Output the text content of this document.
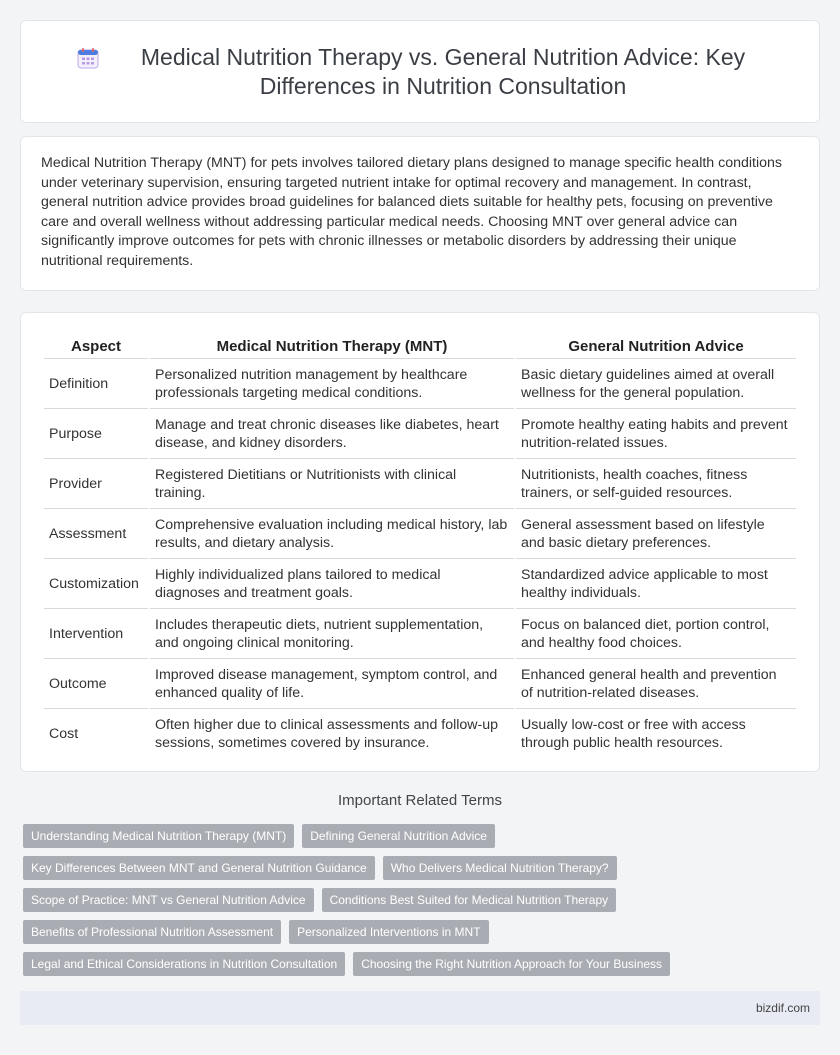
Medical Nutrition Therapy vs. General Nutrition Advice: Key Differences in Nutrition Consultation

Medical Nutrition Therapy (MNT) for pets involves tailored dietary plans designed to manage specific health conditions under veterinary supervision, ensuring targeted nutrient intake for optimal recovery and management. In contrast, general nutrition advice provides broad guidelines for balanced diets suitable for healthy pets, focusing on preventive care and overall wellness without addressing particular medical needs. Choosing MNT over general advice can significantly improve outcomes for pets with chronic illnesses or metabolic disorders by addressing their unique nutritional requirements.

Aspect	Medical Nutrition Therapy (MNT)	General Nutrition Advice
Definition	Personalized nutrition management by healthcare professionals targeting medical conditions.	Basic dietary guidelines aimed at overall wellness for the general population.
Purpose	Manage and treat chronic diseases like diabetes, heart disease, and kidney disorders.	Promote healthy eating habits and prevent nutrition-related issues.
Provider	Registered Dietitians or Nutritionists with clinical training.	Nutritionists, health coaches, fitness trainers, or self-guided resources.
Assessment	Comprehensive evaluation including medical history, lab results, and dietary analysis.	General assessment based on lifestyle and basic dietary preferences.
Customization	Highly individualized plans tailored to medical diagnoses and treatment goals.	Standardized advice applicable to most healthy individuals.
Intervention	Includes therapeutic diets, nutrient supplementation, and ongoing clinical monitoring.	Focus on balanced diet, portion control, and healthy food choices.
Outcome	Improved disease management, symptom control, and enhanced quality of life.	Enhanced general health and prevention of nutrition-related diseases.
Cost	Often higher due to clinical assessments and follow-up sessions, sometimes covered by insurance.	Usually low-cost or free with access through public health resources.
Important Related Terms
Understanding Medical Nutrition Therapy (MNT)	Defining General Nutrition Advice
Key Differences Between MNT and General Nutrition Guidance	Who Delivers Medical Nutrition Therapy?
Scope of Practice: MNT vs General Nutrition Advice	Conditions Best Suited for Medical Nutrition Therapy
Benefits of Professional Nutrition Assessment	Personalized Interventions in MNT
Legal and Ethical Considerations in Nutrition Consultation	Choosing the Right Nutrition Approach for Your Business
bizdif.com
